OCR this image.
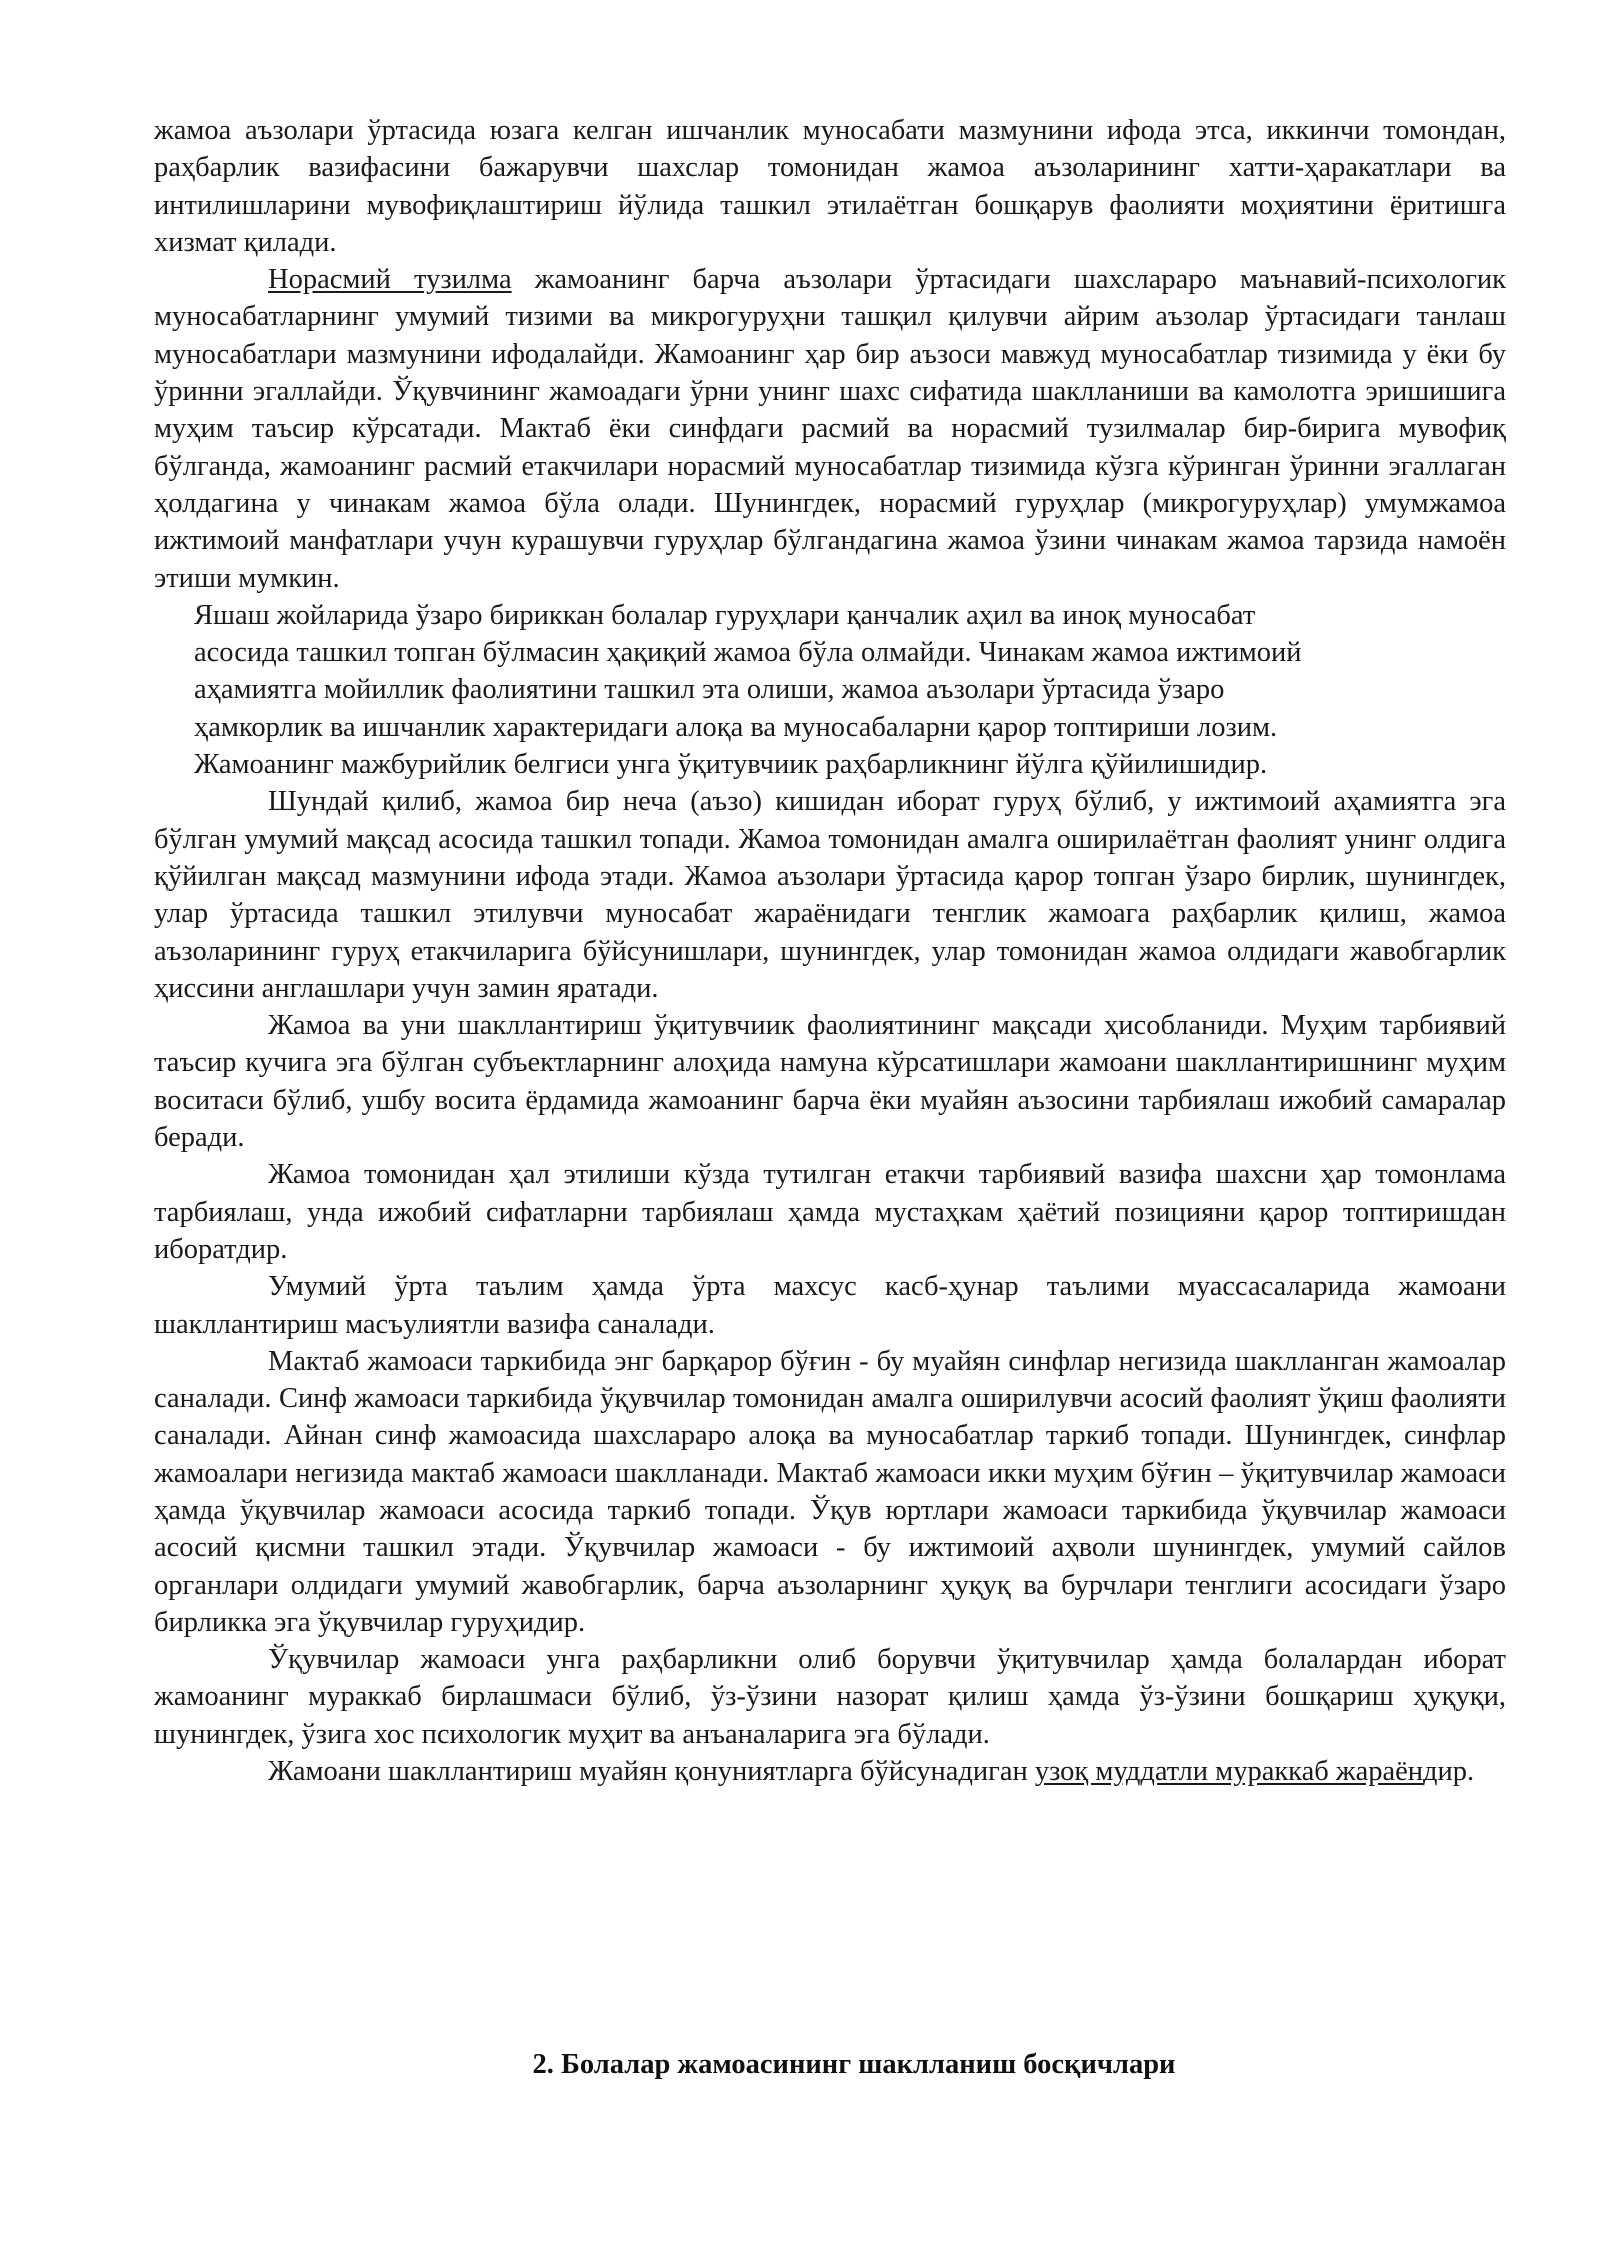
жамоа аъзолари ўртасида юзага келган ишчанлик муносабати мазмунини ифода этса, иккинчи томондан, раҳбарлик вазифасини бажарувчи шахслар томонидан жамоа аъзоларининг хатти-ҳаракатлари ва интилишларини мувофиқлаштириш йўлида ташкил этилаётган бошқарув фаолияти моҳиятини ёритишга хизмат қилади.

Норасмий тузилма жамоанинг барча аъзолари ўртасидаги шахслараро маънавий-психологик муносабатларнинг умумий тизими ва микрогуруҳни ташқил қилувчи айрим аъзолар ўртасидаги танлаш муносабатлари мазмунини ифодалайди. Жамоанинг ҳар бир аъзоси мавжуд муносабатлар тизимида у ёки бу ўринни эгаллайди. Ўқувчининг жамоадаги ўрни унинг шахс сифатида шаклланиши ва камолотга эришишига муҳим таъсир кўрсатади. Мактаб ёки синфдаги расмий ва норасмий тузилмалар бир-бирига мувофиқ бўлганда, жамоанинг расмий етакчилари норасмий муносабатлар тизимида кўзга кўринган ўринни эгаллаган ҳолдагина у чинакам жамоа бўла олади. Шунингдек, норасмий гуруҳлар (микрогуруҳлар) умумжамоа ижтимоий манфатлари учун курашувчи гуруҳлар бўлгандагина жамоа ўзини чинакам жамоа тарзида намоён этиши мумкин.

Яшаш жойларида ўзаро бириккан болалар гуруҳлари қанчалик аҳил ва иноқ муносабат
асосида ташкил топган бўлмасин ҳақиқий жамоа бўла олмайди. Чинакам жамоа ижтимоий
аҳамиятга мойиллик фаолиятини ташкил эта олиши, жамоа аъзолари ўртасида ўзаро
ҳамкорлик ва ишчанлик характеридаги алоқа ва муносабаларни қарор топтириши лозим.
Жамоанинг мажбурийлик белгиси унга ўқитувчиик раҳбарликнинг йўлга қўйилишидир.

Шундай қилиб, жамоа бир неча (аъзо) кишидан иборат гуруҳ бўлиб, у ижтимоий аҳамиятга эга бўлган умумий мақсад асосида ташкил топади. Жамоа томонидан амалга оширилаётган фаолият унинг олдига қўйилган мақсад мазмунини ифода этади. Жамоа аъзолари ўртасида қарор топган ўзаро бирлик, шунингдек, улар ўртасида ташкил этилувчи муносабат жараёнидаги тенглик жамоага раҳбарлик қилиш, жамоа аъзоларининг гуруҳ етакчиларига бўйсунишлари, шунингдек, улар томонидан жамоа олдидаги жавобгарлик ҳиссини англашлари учун замин яратади.

Жамоа ва уни шакллантириш ўқитувчиик фаолиятининг мақсади ҳисобланиди. Муҳим тарбиявий таъсир кучига эга бўлган субъектларнинг алоҳида намуна кўрсатишлари жамоани шакллантиришнинг муҳим воситаси бўлиб, ушбу восита ёрдамида жамоанинг барча ёки муайян аъзосини тарбиялаш ижобий самаралар беради.

Жамоа томонидан ҳал этилиши кўзда тутилган етакчи тарбиявий вазифа шахсни ҳар томонлама тарбиялаш, унда ижобий сифатларни тарбиялаш ҳамда мустаҳкам ҳаётий позицияни қарор топтиришдан иборатдир.

Умумий ўрта таълим ҳамда ўрта махсус касб-ҳунар таълими муассасаларида жамоани шакллантириш масъулиятли вазифа саналади.

Мактаб жамоаси таркибида энг барқарор бўғин - бу муайян синфлар негизида шаклланган жамоалар саналади. Синф жамоаси таркибида ўқувчилар томонидан амалга оширилувчи асосий фаолият ўқиш фаолияти саналади. Айнан синф жамоасида шахслараро алоқа ва муносабатлар таркиб топади. Шунингдек, синфлар жамоалари негизида мактаб жамоаси шаклланади. Мактаб жамоаси икки муҳим бўғин – ўқитувчилар жамоаси ҳамда ўқувчилар жамоаси асосида таркиб топади. Ўқув юртлари жамоаси таркибида ўқувчилар жамоаси асосий қисмни ташкил этади. Ўқувчилар жамоаси - бу ижтимоий аҳволи шунингдек, умумий сайлов органлари олдидаги умумий жавобгарлик, барча аъзоларнинг ҳуқуқ ва бурчлари тенглиги асосидаги ўзаро бирликка эга ўқувчилар гуруҳидир.

Ўқувчилар жамоаси унга раҳбарликни олиб борувчи ўқитувчилар ҳамда болалардан иборат жамоанинг мураккаб бирлашмаси бўлиб, ўз-ўзини назорат қилиш ҳамда ўз-ўзини бошқариш ҳуқуқи, шунингдек, ўзига хос психологик муҳит ва анъаналарига эга бўлади.

Жамоани шакллантириш муайян қонуниятларга бўйсунадиган узоқ муддатли мураккаб жараёндир.

2. Болалар жамоасининг шаклланиш босқичлари
